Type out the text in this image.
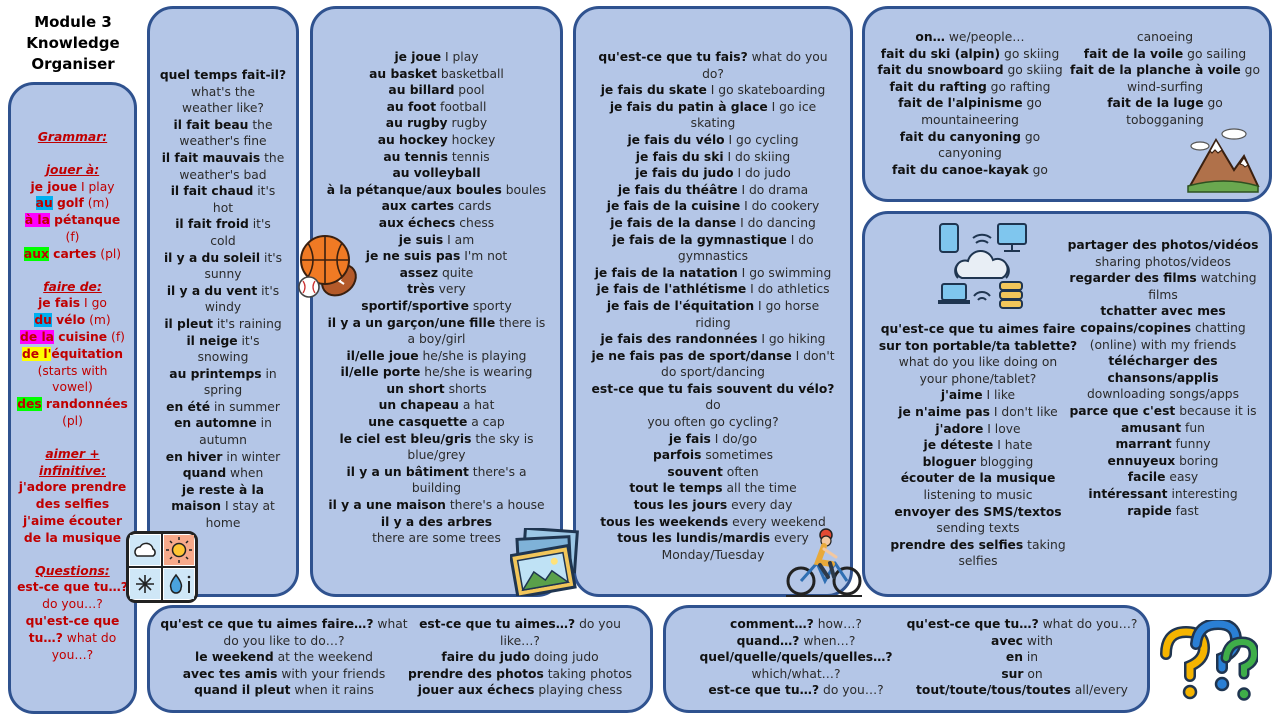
Module 3
Knowledge
Organiser
Grammar:
jouer à:
je joue I play
au golf (m)
à la pétanque
(f)
aux cartes (pl)
faire de:
je fais I go
du vélo (m)
de la cuisine (f)
de l'équitation
(starts with
vowel)
des randonnées
(pl)
aimer +
infinitive:
j'adore prendre
des selfies
j'aime écouter
de la musique
Questions:
est-ce que tu…?
do you…?
qu'est-ce que
tu…? what do
you…?
quel temps fait-il?
what's the
weather like?
il fait beau the
weather's fine
il fait mauvais the
weather's bad
il fait chaud it's
hot
il fait froid it's
cold
il y a du soleil it's
sunny
il y a du vent it's
windy
il pleut it's raining
il neige it's
snowing
au printemps in
spring
en été in summer
en automne in
autumn
en hiver in winter
quand when
je reste à la
maison I stay at
home
je joue I play
au basket basketball
au billard pool
au foot football
au rugby rugby
au hockey hockey
au tennis tennis
au volleyball
à la pétanque/aux boules boules
aux cartes cards
aux échecs chess
je suis I am
je ne suis pas I'm not
assez quite
très very
sportif/sportive sporty
il y a un garçon/une fille there is
a boy/girl
il/elle joue he/she is playing
il/elle porte he/she is wearing
un short shorts
un chapeau a hat
une casquette a cap
le ciel est bleu/gris the sky is
blue/grey
il y a un bâtiment there's a
building
il y a une maison there's a house
il y a des arbres
there are some trees
qu'est-ce que tu fais? what do you
do?
je fais du skate I go skateboarding
je fais du patin à glace I go ice
skating
je fais du vélo I go cycling
je fais du ski I do skiing
je fais du judo I do judo
je fais du théâtre I do drama
je fais de la cuisine I do cookery
je fais de la danse I do dancing
je fais de la gymnastique I do
gymnastics
je fais de la natation I go swimming
je fais de l'athlétisme I do athletics
je fais de l'équitation I go horse
riding
je fais des randonnées I go hiking
je ne fais pas de sport/danse I don't
do sport/dancing
est-ce que tu fais souvent du vélo? do
you often go cycling?
je fais I do/go
parfois sometimes
souvent often
tout le temps all the time
tous les jours every day
tous les weekends every weekend
tous les lundis/mardis every
Monday/Tuesday
on… we/people…
fait du ski (alpin) go skiing
fait du snowboard go skiing
fait du rafting go rafting
fait de l'alpinisme go
mountaineering
fait du canyoning go
canyoning
fait du canoe-kayak go
canoeing
fait de la voile go sailing
fait de la planche à voile go
wind-surfing
fait de la luge go
tobogganing
qu'est-ce que tu aimes faire
sur ton portable/ta tablette?
what do you like doing on
your phone/tablet?
j'aime I like
je n'aime pas I don't like
j'adore I love
je déteste I hate
bloguer blogging
écouter de la musique
listening to music
envoyer des SMS/textos
sending texts
prendre des selfies taking
selfies
partager des photos/vidéos
sharing photos/videos
regarder des films watching
films
tchatter avec mes
copains/copines chatting
(online) with my friends
télécharger des
chansons/applis
downloading songs/apps
parce que c'est because it is
amusant fun
marrant funny
ennuyeux boring
facile easy
intéressant interesting
rapide fast
qu'est ce que tu aimes faire…? what
do you like to do…?
le weekend at the weekend
avec tes amis with your friends
quand il pleut when it rains
est-ce que tu aimes…? do you like…?
faire du judo doing judo
prendre des photos taking photos
jouer aux échecs playing chess
comment…? how…?
quand…? when…?
quel/quelle/quels/quelles…?
which/what…?
est-ce que tu…? do you…?
qu'est-ce que tu…? what do you…?
avec with
en in
sur on
tout/toute/tous/toutes all/every
